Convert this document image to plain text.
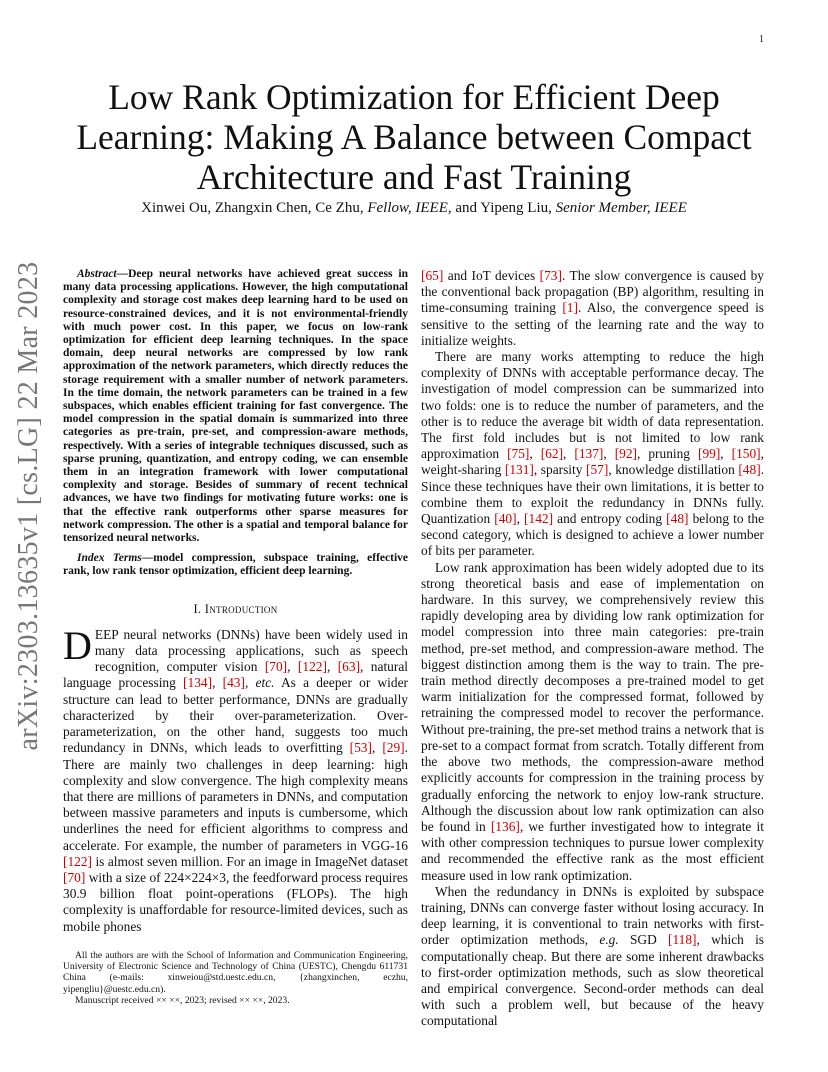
1
arXiv:2303.13635v1 [cs.LG] 22 Mar 2023
Low Rank Optimization for Efficient Deep Learning: Making A Balance between Compact Architecture and Fast Training
Xinwei Ou, Zhangxin Chen, Ce Zhu, Fellow, IEEE, and Yipeng Liu, Senior Member, IEEE

Abstract—Deep neural networks have achieved great success in many data processing applications. However, the high computational complexity and storage cost makes deep learning hard to be used on resource-constrained devices, and it is not environmental-friendly with much power cost. In this paper, we focus on low-rank optimization for efficient deep learning techniques. In the space domain, deep neural networks are compressed by low rank approximation of the network parameters, which directly reduces the storage requirement with a smaller number of network parameters. In the time domain, the network parameters can be trained in a few subspaces, which enables efficient training for fast convergence. The model compression in the spatial domain is summarized into three categories as pre-train, pre-set, and compression-aware methods, respectively. With a series of integrable techniques discussed, such as sparse pruning, quantization, and entropy coding, we can ensemble them in an integration framework with lower computational complexity and storage. Besides of summary of recent technical advances, we have two findings for motivating future works: one is that the effective rank outperforms other sparse measures for network compression. The other is a spatial and temporal balance for tensorized neural networks.

Index Terms—model compression, subspace training, effective rank, low rank tensor optimization, efficient deep learning.

I. Introduction

DEEP neural networks (DNNs) have been widely used in many data processing applications, such as speech recognition, computer vision [70], [122], [63], natural language processing [134], [43], etc. As a deeper or wider structure can lead to better performance, DNNs are gradually characterized by their over-parameterization. Over-parameterization, on the other hand, suggests too much redundancy in DNNs, which leads to overfitting [53], [29]. There are mainly two challenges in deep learning: high complexity and slow convergence. The high complexity means that there are millions of parameters in DNNs, and computation between massive parameters and inputs is cumbersome, which underlines the need for efficient algorithms to compress and accelerate. For example, the number of parameters in VGG-16 [122] is almost seven million. For an image in ImageNet dataset [70] with a size of 224×224×3, the feedforward process requires 30.9 billion float point-operations (FLOPs). The high complexity is unaffordable for resource-limited devices, such as mobile phones

[65] and IoT devices [73]. The slow convergence is caused by the conventional back propagation (BP) algorithm, resulting in time-consuming training [1]. Also, the convergence speed is sensitive to the setting of the learning rate and the way to initialize weights.

There are many works attempting to reduce the high complexity of DNNs with acceptable performance decay. The investigation of model compression can be summarized into two folds: one is to reduce the number of parameters, and the other is to reduce the average bit width of data representation. The first fold includes but is not limited to low rank approximation [75], [62], [137], [92], pruning [99], [150], weight-sharing [131], sparsity [57], knowledge distillation [48]. Since these techniques have their own limitations, it is better to combine them to exploit the redundancy in DNNs fully. Quantization [40], [142] and entropy coding [48] belong to the second category, which is designed to achieve a lower number of bits per parameter.

Low rank approximation has been widely adopted due to its strong theoretical basis and ease of implementation on hardware. In this survey, we comprehensively review this rapidly developing area by dividing low rank optimization for model compression into three main categories: pre-train method, pre-set method, and compression-aware method. The biggest distinction among them is the way to train. The pre-train method directly decomposes a pre-trained model to get warm initialization for the compressed format, followed by retraining the compressed model to recover the performance. Without pre-training, the pre-set method trains a network that is pre-set to a compact format from scratch. Totally different from the above two methods, the compression-aware method explicitly accounts for compression in the training process by gradually enforcing the network to enjoy low-rank structure. Although the discussion about low rank optimization can also be found in [136], we further investigated how to integrate it with other compression techniques to pursue lower complexity and recommended the effective rank as the most efficient measure used in low rank optimization.

When the redundancy in DNNs is exploited by subspace training, DNNs can converge faster without losing accuracy. In deep learning, it is conventional to train networks with first-order optimization methods, e.g. SGD [118], which is computationally cheap. But there are some inherent drawbacks to first-order optimization methods, such as slow theoretical and empirical convergence. Second-order methods can deal with such a problem well, but because of the heavy computational

All the authors are with the School of Information and Communication Engineering, University of Electronic Science and Technology of China (UESTC), Chengdu 611731 China (e-mails: xinweiou@std.uestc.edu.cn, {zhangxinchen, eczhu, yipengliu}@uestc.edu.cn).

Manuscript received ×× ××, 2023; revised ×× ××, 2023.
